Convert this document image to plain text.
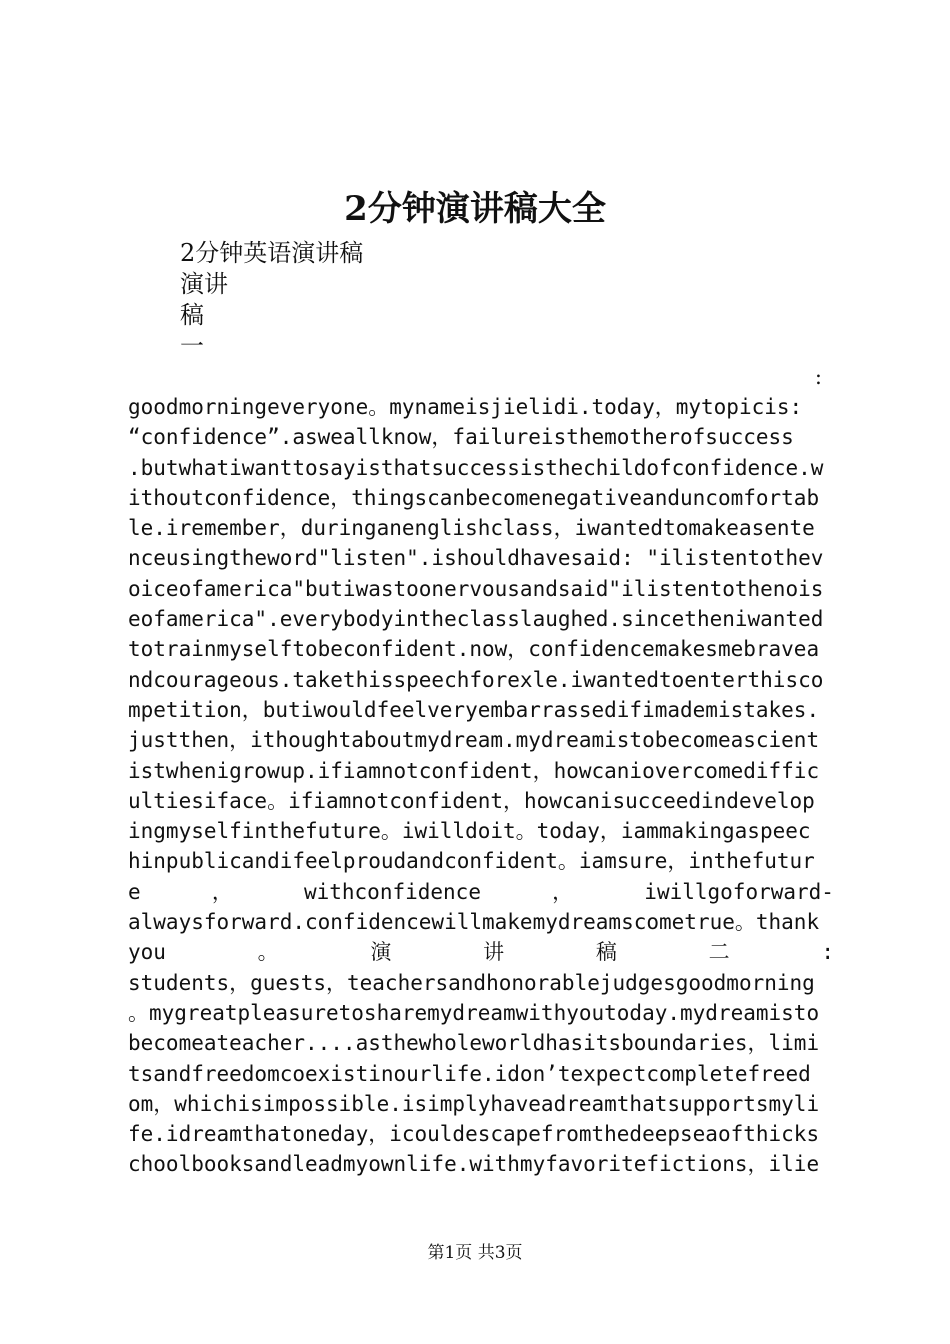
2分钟演讲稿大全
2分钟英语演讲稿
演讲
稿
一
:
goodmorningeveryone。mynameisjielidi.today，mytopicis:
“confidence”.asweallknow，failureisthemotherofsuccess
.butwhatiwanttosayisthatsuccessisthechildofconfidence.w
ithoutconfidence，thingscanbecomenegativeanduncomfortab
le.iremember，duringanenglishclass，iwantedtomakeasente
nceusingtheword"listen".ishouldhavesaid: "ilistentothev
oiceofamerica"butiwastoonervousandsaid"ilistentothenois
eofamerica".everybodyintheclasslaughed.sincetheniwanted
totrainmyselftobeconfident.now，confidencemakesmebravea
ndcourageous.takethisspeechforexle.iwantedtoenterthisco
mpetition，butiwouldfeelveryembarrassedifimademistakes.
justthen，ithoughtaboutmydream.mydreamistobecomeascient
istwhenigrowup.ifiamnotconfident，howcaniovercomediffic
ultiesiface。ifiamnotconfident，howcanisucceedindevelop
ingmyselfinthefuture。iwilldoit。today，iammakingaspeec
hinpublicandifeelproudandconfident。iamsure，inthefutur
e	，	withconfidence	，	iwillgoforward-
alwaysforward.confidencewillmakemydreamscometrue。thank
you	。	演	讲	稿	二	:
students，guests，teachersandhonorablejudgesgoodmorning
。mygreatpleasuretosharemydreamwithyoutoday.mydreamisto
becomeateacher....asthewholeworldhasitsboundaries，limi
tsandfreedomcoexistinourlife.idon’texpectcompletefreed
om，whichisimpossible.isimplyhaveadreamthatsupportsmyli
fe.idreamthatoneday，icouldescapefromthedeepseaofthicks
choolbooksandleadmyownlife.withmyfavoritefictions，ilie
第1页 共3页
